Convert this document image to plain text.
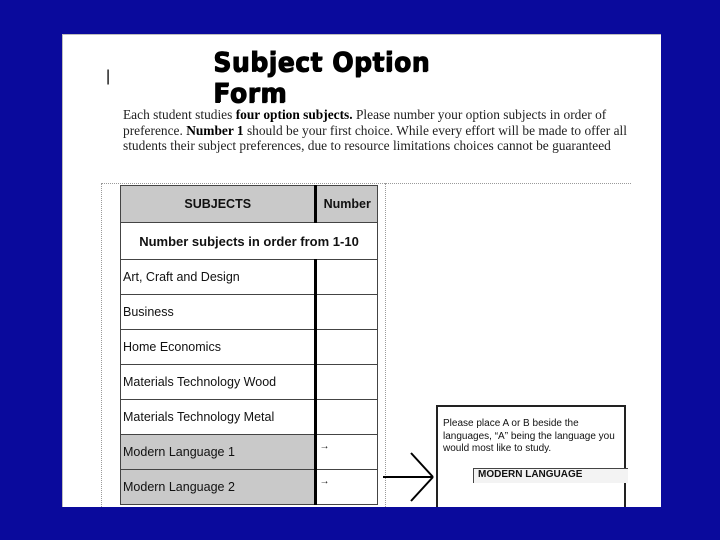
|	Subject Option Form
Each student studies four option subjects. Please number your option subjects in order of preference. Number 1 should be your first choice. While every effort will be made to offer all students their subject preferences, due to resource limitations choices cannot be guaranteed
SUBJECTS	Number
Number subjects in order from 1-10	
Art, Craft and Design	
Business	
Home Economics	
Materials Technology Wood	
Materials Technology Metal	
Modern Language 1	→
Modern Language 2	→
Please place A or B beside the languages, “A” being the language you would most like to study.
MODERN LANGUAGE
